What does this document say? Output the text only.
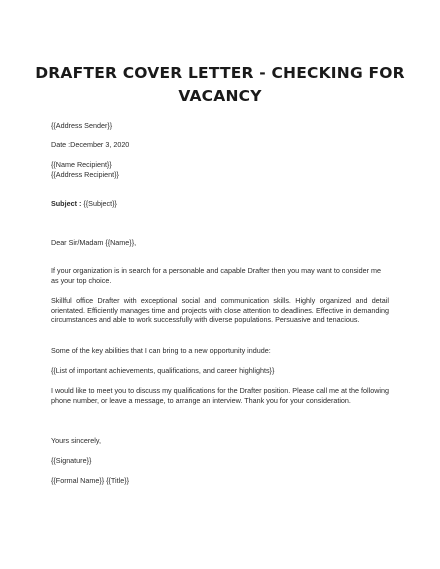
DRAFTER COVER LETTER - CHECKING FOR VACANCY
{{Address Sender}}
Date :December 3, 2020
{{Name Recipient}}
{{Address Recipient}}
Subject : {{Subject}}
Dear Sir/Madam {{Name}},
If your organization is in search for a personable and capable Drafter then you may want to consider me as your top choice.
Skillful office Drafter with exceptional social and communication skills. Highly organized and detail orientated. Efficiently manages time and projects with close attention to deadlines. Effective in demanding circumstances and able to work successfully with diverse populations. Persuasive and tenacious.
Some of the key abilities that I can bring to a new opportunity indude:
{{List of important achievements, qualifications, and career highlights}}
I would like to meet you to discuss my qualifications for the Drafter position. Please call me at the following phone number, or leave a message, to arrange an interview. Thank you for your consideration.
Yours sincerely,
{{Signature}}
{{Formal Name}} {{Title}}
